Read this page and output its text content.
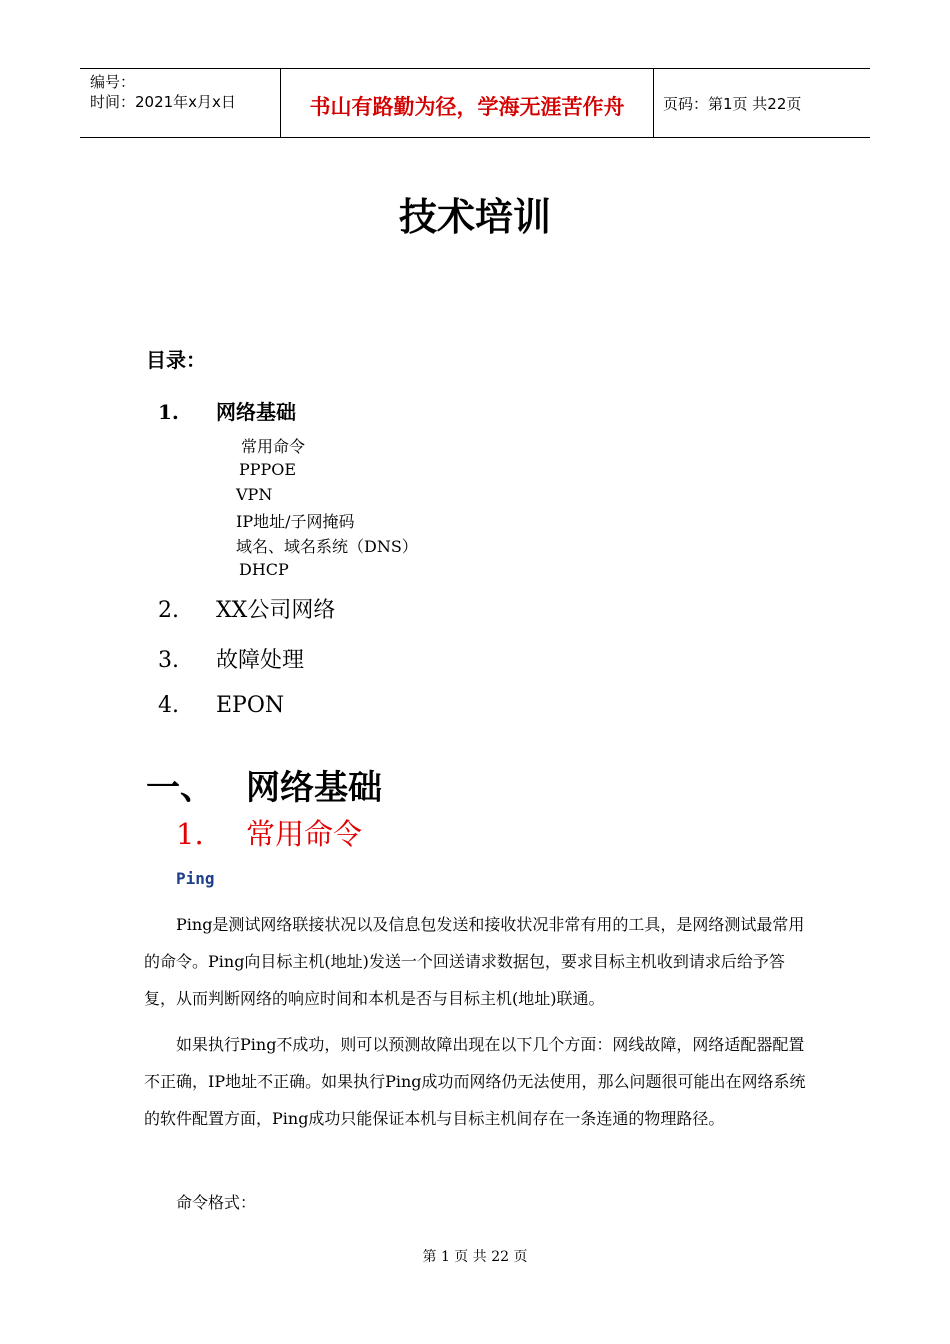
编号：
时间：2021年x月x日	书山有路勤为径，学海无涯苦作舟	页码：第1页 共22页
技术培训
目录：
1. 网络基础
常用命令
PPPOE
VPN
IP地址/子网掩码
域名、域名系统（DNS）
DHCP
2. XX公司网络
3. 故障处理
4. EPON
一、 网络基础
1. 常用命令
Ping

Ping是测试网络联接状况以及信息包发送和接收状况非常有用的工具，是网络测试最常用的命令。Ping向目标主机(地址)发送一个回送请求数据包，要求目标主机收到请求后给予答复，从而判断网络的响应时间和本机是否与目标主机(地址)联通。

如果执行Ping不成功，则可以预测故障出现在以下几个方面：网线故障，网络适配器配置不正确，IP地址不正确。如果执行Ping成功而网络仍无法使用，那么问题很可能出在网络系统的软件配置方面，Ping成功只能保证本机与目标主机间存在一条连通的物理路径。

命令格式：

第 1 页 共 22 页
